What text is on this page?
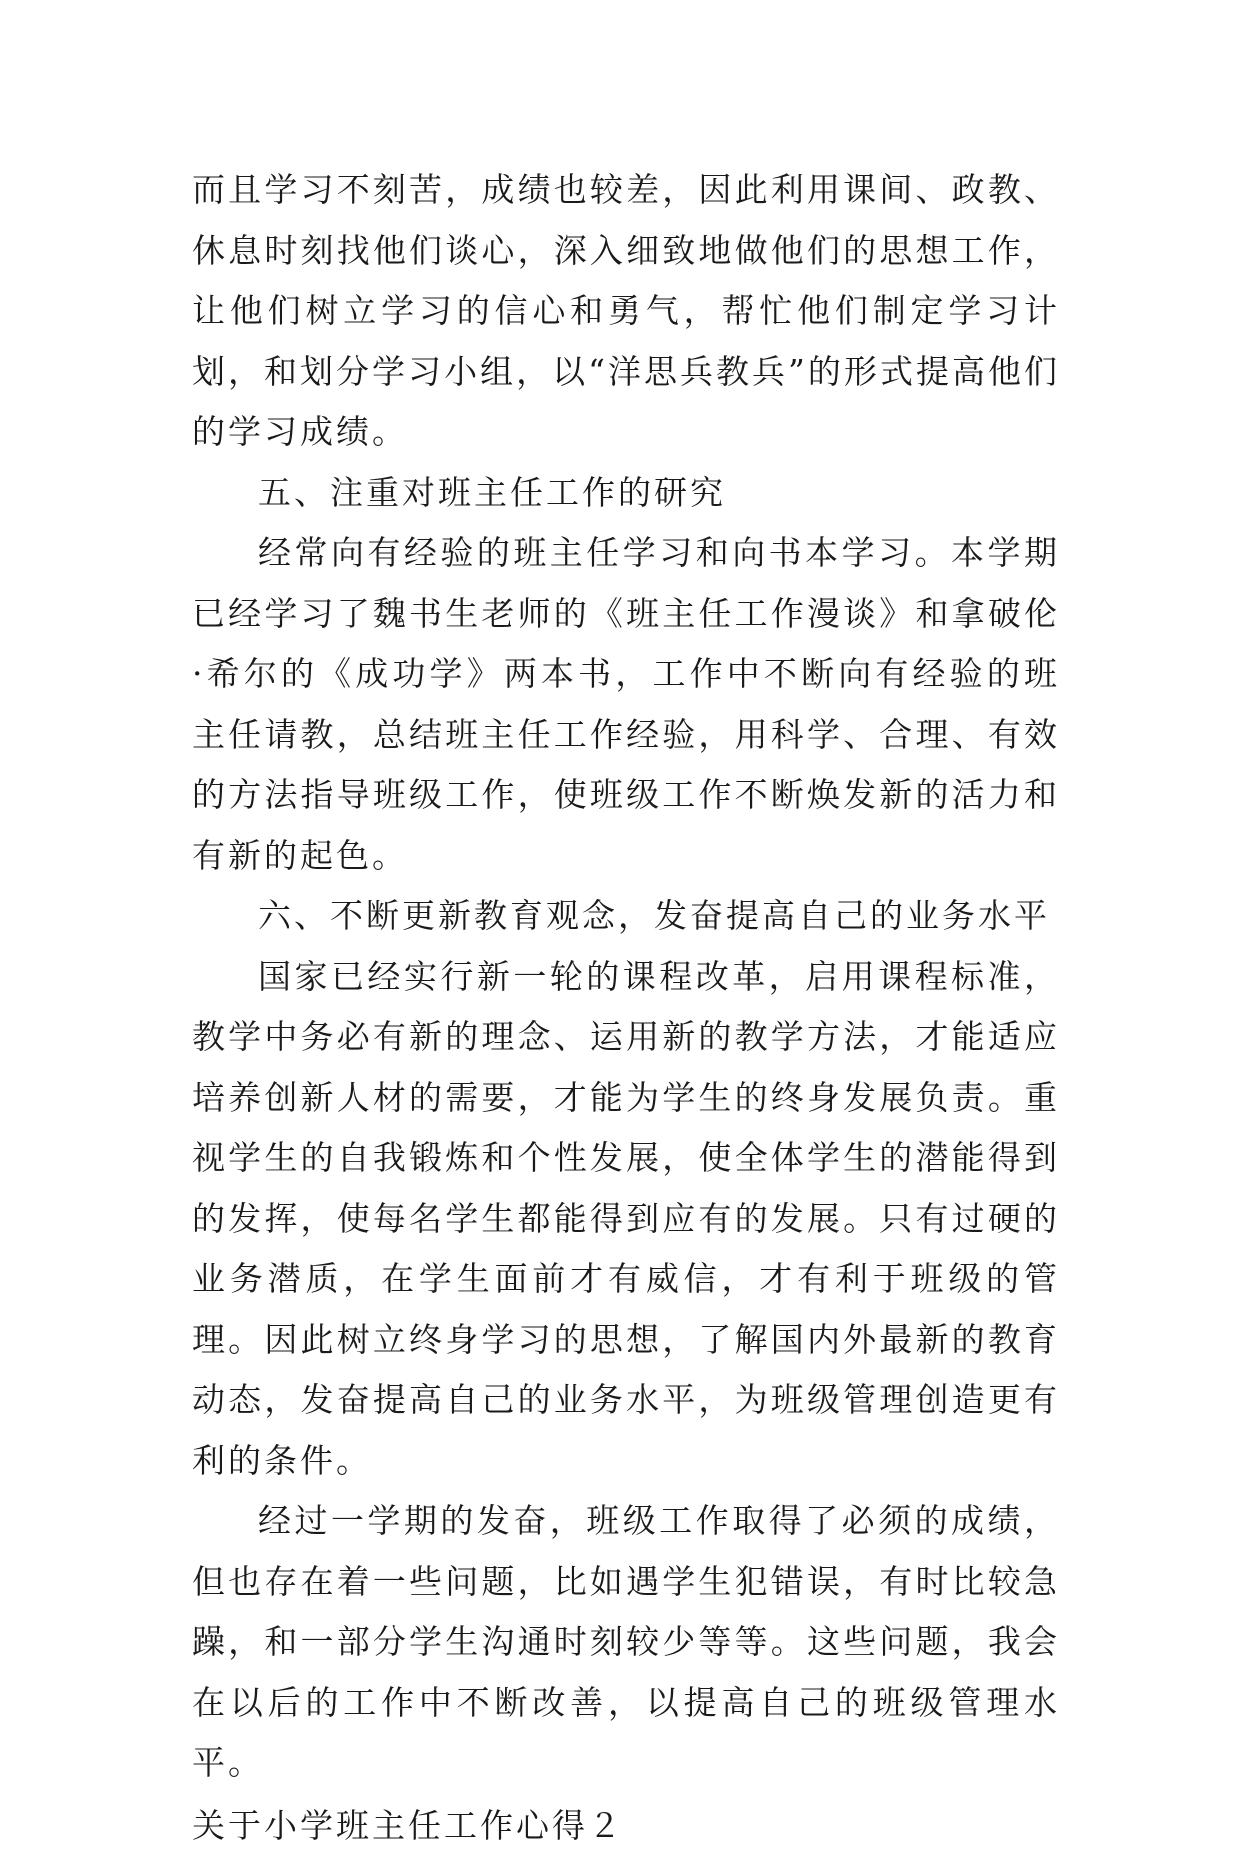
而且学习不刻苦，成绩也较差，因此利用课间、政教、休息时刻找他们谈心，深入细致地做他们的思想工作，让他们树立学习的信心和勇气，帮忙他们制定学习计划，和划分学习小组，以“洋思兵教兵”的形式提高他们的学习成绩。

五、注重对班主任工作的研究

经常向有经验的班主任学习和向书本学习。本学期已经学习了魏书生老师的《班主任工作漫谈》和拿破伦·希尔的《成功学》两本书，工作中不断向有经验的班主任请教，总结班主任工作经验，用科学、合理、有效的方法指导班级工作，使班级工作不断焕发新的活力和有新的起色。

六、不断更新教育观念，发奋提高自己的业务水平

国家已经实行新一轮的课程改革，启用课程标准，教学中务必有新的理念、运用新的教学方法，才能适应培养创新人材的需要，才能为学生的终身发展负责。重视学生的自我锻炼和个性发展，使全体学生的潜能得到的发挥，使每名学生都能得到应有的发展。只有过硬的业务潜质，在学生面前才有威信，才有利于班级的管理。因此树立终身学习的思想，了解国内外最新的教育动态，发奋提高自己的业务水平，为班级管理创造更有利的条件。

经过一学期的发奋，班级工作取得了必须的成绩，但也存在着一些问题，比如遇学生犯错误，有时比较急躁，和一部分学生沟通时刻较少等等。这些问题，我会在以后的工作中不断改善，以提高自己的班级管理水平。

关于小学班主任工作心得２
